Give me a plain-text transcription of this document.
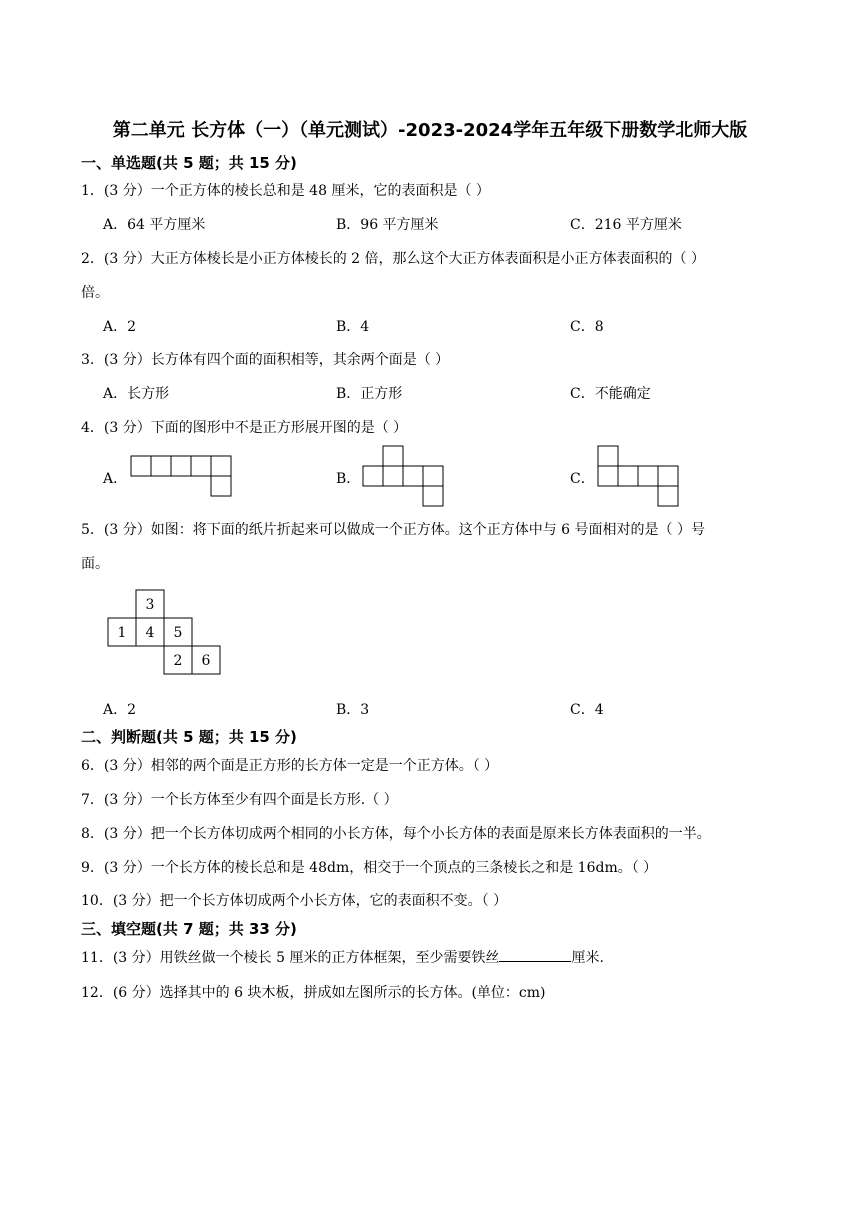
第二单元 长方体（一）（单元测试）-2023-2024学年五年级下册数学北师大版
一、单选题(共 5 题；共 15 分)
1．(3 分）一个正方体的棱长总和是 48 厘米，它的表面积是（ ）
A．64 平方厘米	B．96 平方厘米	C．216 平方厘米
2．(3 分）大正方体棱长是小正方体棱长的 2 倍，那么这个大正方体表面积是小正方体表面积的（ ）
倍。
A．2	B．4	C．8
3．(3 分）长方体有四个面的面积相等，其余两个面是（ ）
A．长方形	B．正方形	C．不能确定
4．(3 分）下面的图形中不是正方形展开图的是（ ）
A．	B．	C．
5．(3 分）如图：将下面的纸片折起来可以做成一个正方体。这个正方体中与 6 号面相对的是（ ）号
面。
3
1 4 5
2 6
A．2	B．3	C．4
二、判断题(共 5 题；共 15 分)
6．(3 分）相邻的两个面是正方形的长方体一定是一个正方体。（ ）
7．(3 分）一个长方体至少有四个面是长方形.（ ）
8．(3 分）把一个长方体切成两个相同的小长方体，每个小长方体的表面是原来长方体表面积的一半。
9．(3 分）一个长方体的棱长总和是 48dm，相交于一个顶点的三条棱长之和是 16dm。（ ）
10．(3 分）把一个长方体切成两个小长方体，它的表面积不变。（ ）
三、填空题(共 7 题；共 33 分)
11．(3 分）用铁丝做一个棱长 5 厘米的正方体框架，至少需要铁丝	厘米.
12．(6 分）选择其中的 6 块木板，拼成如左图所示的长方体。(单位：cm)
